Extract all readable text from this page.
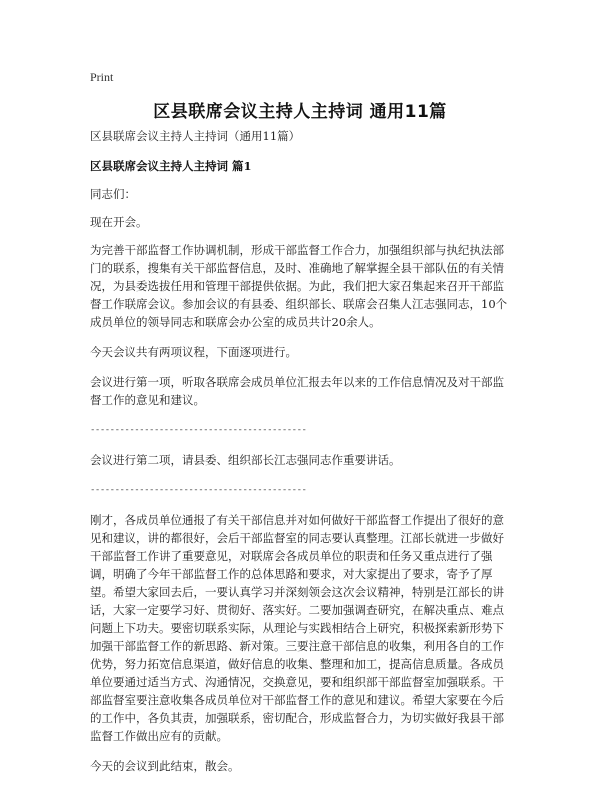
Print
区县联席会议主持人主持词 通用11篇

区县联席会议主持人主持词（通用11篇）

区县联席会议主持人主持词 篇1

同志们：

现在开会。

为完善干部监督工作协调机制，形成干部监督工作合力，加强组织部与执纪执法部门的联系，搜集有关干部监督信息，及时、准确地了解掌握全县干部队伍的有关情况，为县委选拔任用和管理干部提供依据。为此，我们把大家召集起来召开干部监督工作联席会议。参加会议的有县委、组织部长、联席会召集人江志强同志，10个成员单位的领导同志和联席会办公室的成员共计20余人。

今天会议共有两项议程，下面逐项进行。

会议进行第一项，听取各联席会成员单位汇报去年以来的工作信息情况及对干部监督工作的意见和建议。

--------------------------------------------

会议进行第二项，请县委、组织部长江志强同志作重要讲话。

--------------------------------------------

刚才，各成员单位通报了有关干部信息并对如何做好干部监督工作提出了很好的意见和建议，讲的都很好，会后干部监督室的同志要认真整理。江部长就进一步做好干部监督工作讲了重要意见，对联席会各成员单位的职责和任务又重点进行了强调，明确了今年干部监督工作的总体思路和要求，对大家提出了要求，寄予了厚望。希望大家回去后，一要认真学习并深刻领会这次会议精神，特别是江部长的讲话，大家一定要学习好、贯彻好、落实好。二要加强调查研究，在解决重点、难点问题上下功夫。要密切联系实际，从理论与实践相结合上研究，积极探索新形势下加强干部监督工作的新思路、新对策。三要注意干部信息的收集，利用各自的工作优势，努力拓宽信息渠道，做好信息的收集、整理和加工，提高信息质量。各成员单位要通过适当方式、沟通情况，交换意见，要和组织部干部监督室加强联系。干部监督室要注意收集各成员单位对干部监督工作的意见和建议。希望大家要在今后的工作中，各负其责，加强联系，密切配合，形成监督合力，为切实做好我县干部监督工作做出应有的贡献。

今天的会议到此结束，散会。
